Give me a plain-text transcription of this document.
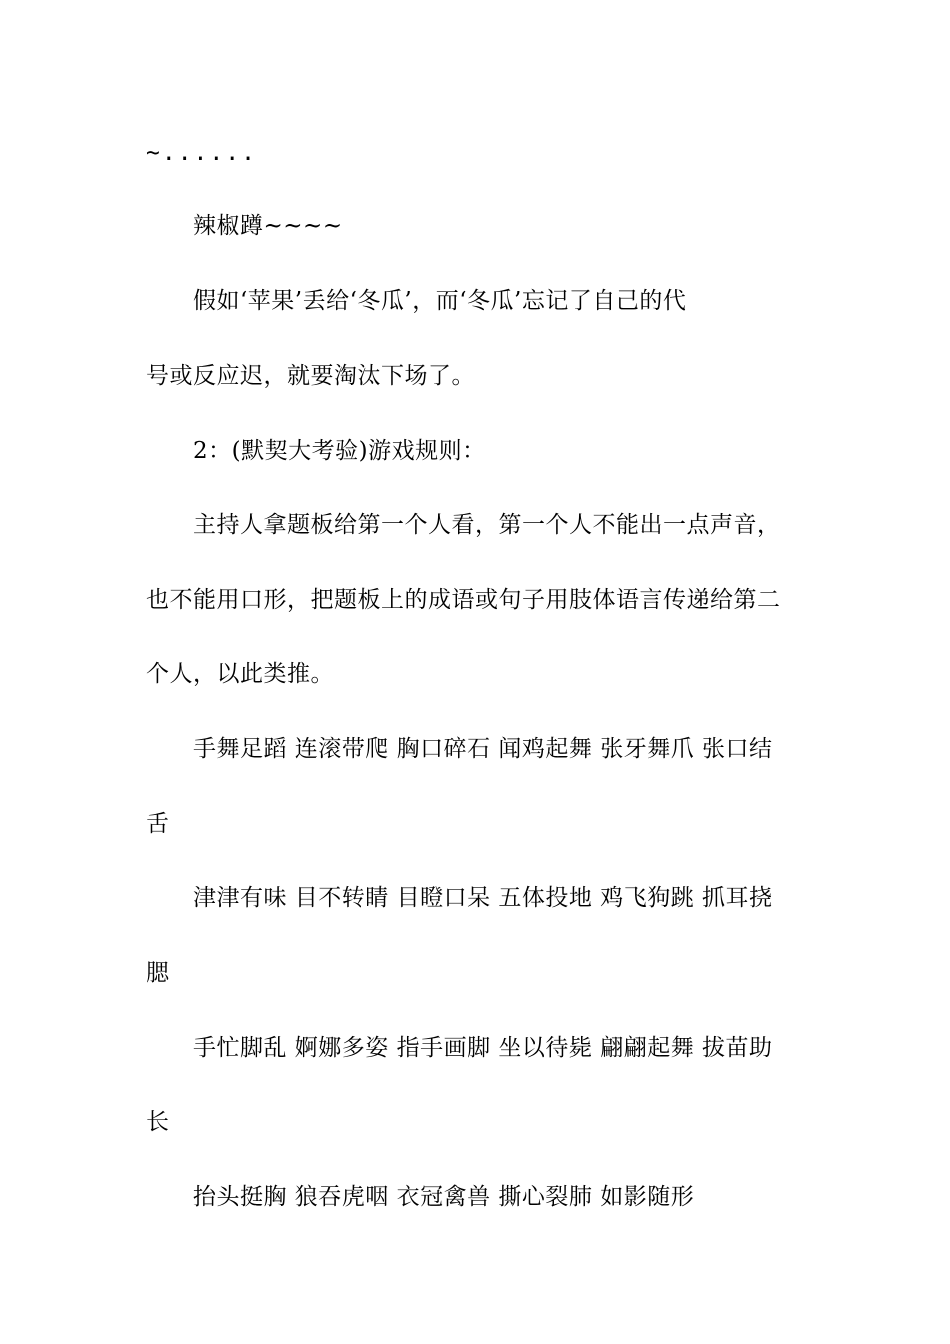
~......
辣椒蹲~~~~
假如‘苹果’丢给‘冬瓜’，而‘冬瓜’忘记了自己的代
号或反应迟，就要淘汰下场了。
2：(默契大考验)游戏规则：
主持人拿题板给第一个人看，第一个人不能出一点声音，
也不能用口形，把题板上的成语或句子用肢体语言传递给第二
个人，以此类推。
手舞足蹈 连滚带爬 胸口碎石 闻鸡起舞 张牙舞爪 张口结
舌
津津有味 目不转睛 目瞪口呆 五体投地 鸡飞狗跳 抓耳挠
腮
手忙脚乱 婀娜多姿 指手画脚 坐以待毙 翩翩起舞 拔苗助
长
抬头挺胸 狼吞虎咽 衣冠禽兽 撕心裂肺 如影随形
